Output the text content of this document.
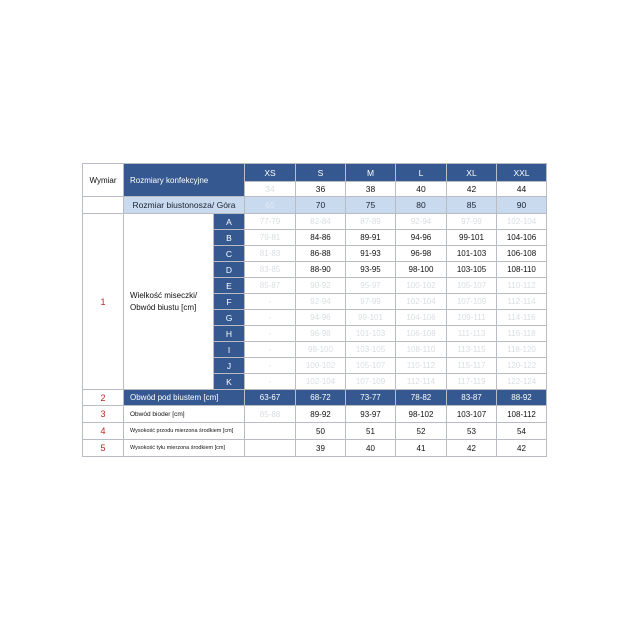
Wymiar	Rozmiary konfekcyjne		XS	S	M	L	XL	XXL
			34	36	38	40	42	44
	Rozmiar biustonosza/ Góra		65	70	75	80	85	90
1	Wielkość miseczki/
Obwód biustu [cm]	A	77-79	82-84	87-89	92-94	97-99	102-104
		B	79-81	84-86	89-91	94-96	99-101	104-106
		C	81-83	86-88	91-93	96-98	101-103	106-108
		D	83-85	88-90	93-95	98-100	103-105	108-110
		E	85-87	90-92	95-97	100-102	105-107	110-112
		F	-	92-94	97-99	102-104	107-109	112-114
		G	-	94-96	99-101	104-106	109-111	114-116
		H	-	96-98	101-103	106-108	111-113	116-118
		I	-	98-100	103-105	108-110	113-115	118-120
		J	-	100-102	105-107	110-112	115-117	120-122
		K	-	102-104	107-109	112-114	117-119	122-124
2	Obwód pod biustem [cm]		63-67	68-72	73-77	78-82	83-87	88-92
3	Obwód bioder [cm]		85-88	89-92	93-97	98-102	103-107	108-112
4	Wysokość przodu mierzona środkiem [cm]			50	51	52	53	54
5	Wysokość tyłu mierzona środkiem [cm]			39	40	41	42	42
